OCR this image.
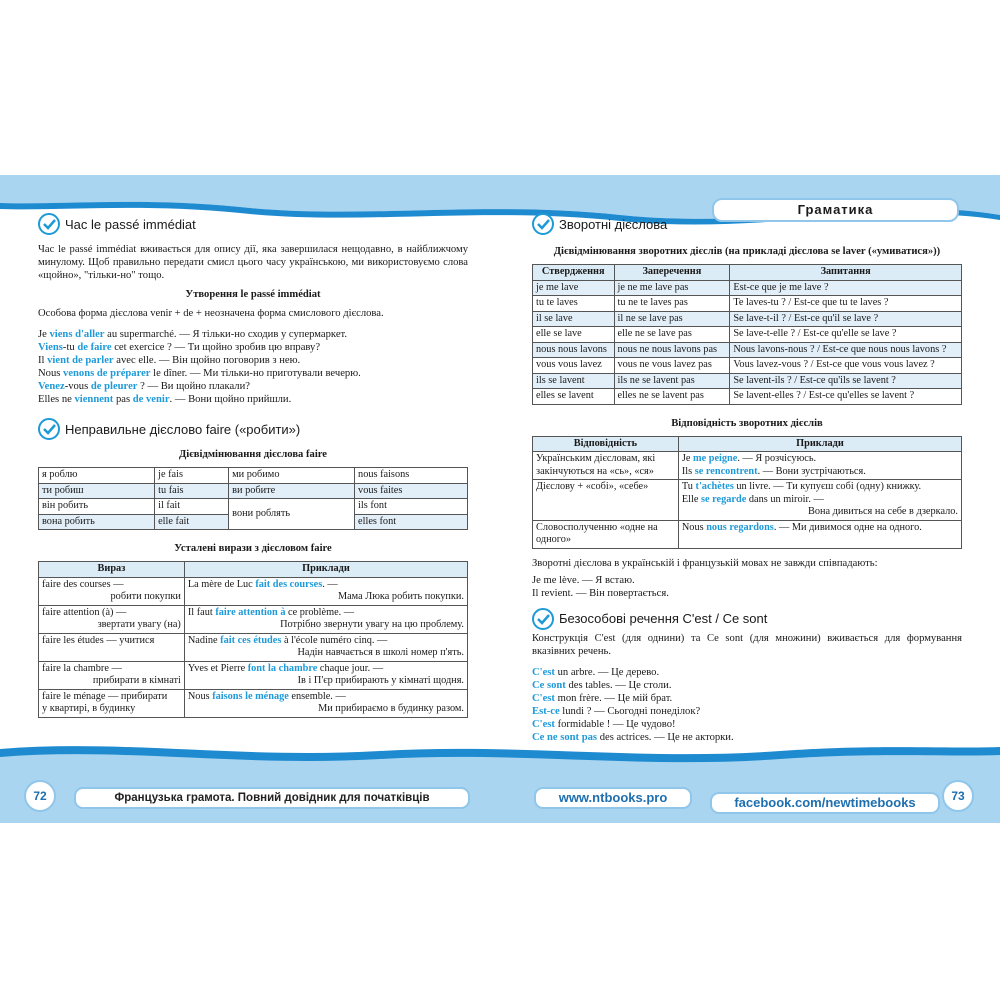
Час le passé immédiat

Час le passé immédiat вживається для опису дії, яка завершилася нещодавно, в найближчому минулому. Щоб правильно передати смисл цього часу українською, ми використовуємо слова «щойно», "тільки-но" тощо.

Утворення le passé immédiat

Особова форма дієслова venir + de + неозначена форма смислового дієслова.

Je viens d'aller au supermarché. — Я тільки-но сходив у супермаркет.
Viens-tu de faire cet exercice ? — Ти щойно зробив цю вправу?
Il vient de parler avec elle. — Він щойно поговорив з нею.
Nous venons de préparer le dîner. — Ми тільки-но приготували вечерю.
Venez-vous de pleurer ? — Ви щойно плакали?
Elles ne viennent pas de venir. — Вони щойно прийшли.
Неправильне дієслово faire («робити»)
Дієвідмінювання дієслова faire
я роблю	je fais	ми робимо	nous faisons
ти робиш	tu fais	ви робите	vous faites
він робить	il fait	вони роблять	ils font
вона робить	elle fait		elles font
Усталені вирази з дієсловом faire
Вираз	Приклади
faire des courses —
робити покупки	La mère de Luc fait des courses. —
Мама Люка робить покупки.

faire attention (à) —
звертати увагу (на)	Il faut faire attention à ce problème. —
Потрібно звернути увагу на цю проблему.

faire les études — учитися	Nadine fait ces études à l'école numéro cinq. —
Надін навчається в школі номер п'ять.

faire la chambre —
прибирати в кімнаті	Yves et Pierre font la chambre chaque jour. —
Ів і П'єр прибирають у кімнаті щодня.

faire le ménage — прибирати
у квартирі, в будинку	Nous faisons le ménage ensemble. —
Ми прибираємо в будинку разом.
Зворотні дієслова
Дієвідмінювання зворотних дієслів (на прикладі дієслова se laver («умиватися»))
Ствердження	Заперечення	Запитання
je me lave	je ne me lave pas	Est-ce que je me lave ?
tu te laves	tu ne te laves pas	Te laves-tu ? / Est-ce que tu te laves ?
il se lave	il ne se lave pas	Se lave-t-il ? / Est-ce qu'il se lave ?
elle se lave	elle ne se lave pas	Se lave-t-elle ? / Est-ce qu'elle se lave ?
nous nous lavons	nous ne nous lavons pas	Nous lavons-nous ? / Est-ce que nous nous lavons ?
vous vous lavez	vous ne vous lavez pas	Vous lavez-vous ? / Est-ce que vous vous lavez ?
ils se lavent	ils ne se lavent pas	Se lavent-ils ? / Est-ce qu'ils se lavent ?
elles se lavent	elles ne se lavent pas	Se lavent-elles ? / Est-ce qu'elles se lavent ?
Відповідність зворотних дієслів
Відповідність	Приклади
Українським дієсловам, які закінчуються на «сь», «ся»	Je me peigne. — Я розчісуюсь.
Ils se rencontrent. — Вони зустрічаються.
Дієслову + «собі», «себе»	Tu t'achètes un livre. — Ти купуєш собі (одну) книжку.
Elle se regarde dans un miroir. —
Вона дивиться на себе в дзеркало.

Словосполученню «одне на одного»	Nous nous regardons. — Ми дивимося одне на одного.

Зворотні дієслова в українській і французькій мовах не завжди співпадають:

Je me lève. — Я встаю.
Il revient. — Він повертається.
Безособові речення C'est / Ce sont

Конструкція C'est (для однини) та Ce sont (для множини) вживається для формування вказівних речень.

C'est un arbre. — Це дерево.
Ce sont des tables. — Це столи.
C'est mon frère. — Це мій брат.
Est-ce lundi ? — Сьогодні понеділок?
C'est formidable ! — Це чудово!
Ce ne sont pas des actrices. — Це не акторки.
Граматика
72	Французька грамота. Повний довідник для початківців	www.ntbooks.pro	facebook.com/newtimebooks	73
